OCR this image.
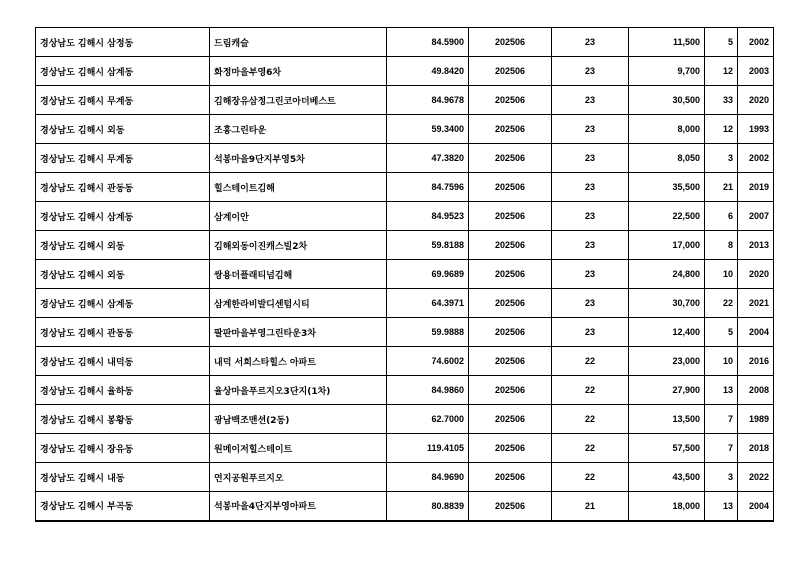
경상남도 김해시 삼정동	드림캐슬	84.5900	202506	23	11,500	5	2002
경상남도 김해시 삼계동	화정마을부영6차	49.8420	202506	23	9,700	12	2003
경상남도 김해시 무계동	김해장유삼정그린코아더베스트	84.9678	202506	23	30,500	33	2020
경상남도 김해시 외동	조흥그린타운	59.3400	202506	23	8,000	12	1993
경상남도 김해시 무계동	석봉마을9단지부영5차	47.3820	202506	23	8,050	3	2002
경상남도 김해시 관동동	힐스테이트김해	84.7596	202506	23	35,500	21	2019
경상남도 김해시 삼계동	삼계이안	84.9523	202506	23	22,500	6	2007
경상남도 김해시 외동	김해외동이진캐스빌2차	59.8188	202506	23	17,000	8	2013
경상남도 김해시 외동	쌍용더플래티넘김해	69.9689	202506	23	24,800	10	2020
경상남도 김해시 삼계동	삼계한라비발디센텀시티	64.3971	202506	23	30,700	22	2021
경상남도 김해시 관동동	팔판마을부영그린타운3차	59.9888	202506	23	12,400	5	2004
경상남도 김해시 내덕동	내덕 서희스타힐스 아파트	74.6002	202506	22	23,000	10	2016
경상남도 김해시 율하동	율상마을푸르지오3단지(1차)	84.9860	202506	22	27,900	13	2008
경상남도 김해시 봉황동	광남백조맨션(2동)	62.7000	202506	22	13,500	7	1989
경상남도 김해시 장유동	원메이저힐스테이트	119.4105	202506	22	57,500	7	2018
경상남도 김해시 내동	연지공원푸르지오	84.9690	202506	22	43,500	3	2022
경상남도 김해시 부곡동	석봉마을4단지부영아파트	80.8839	202506	21	18,000	13	2004
